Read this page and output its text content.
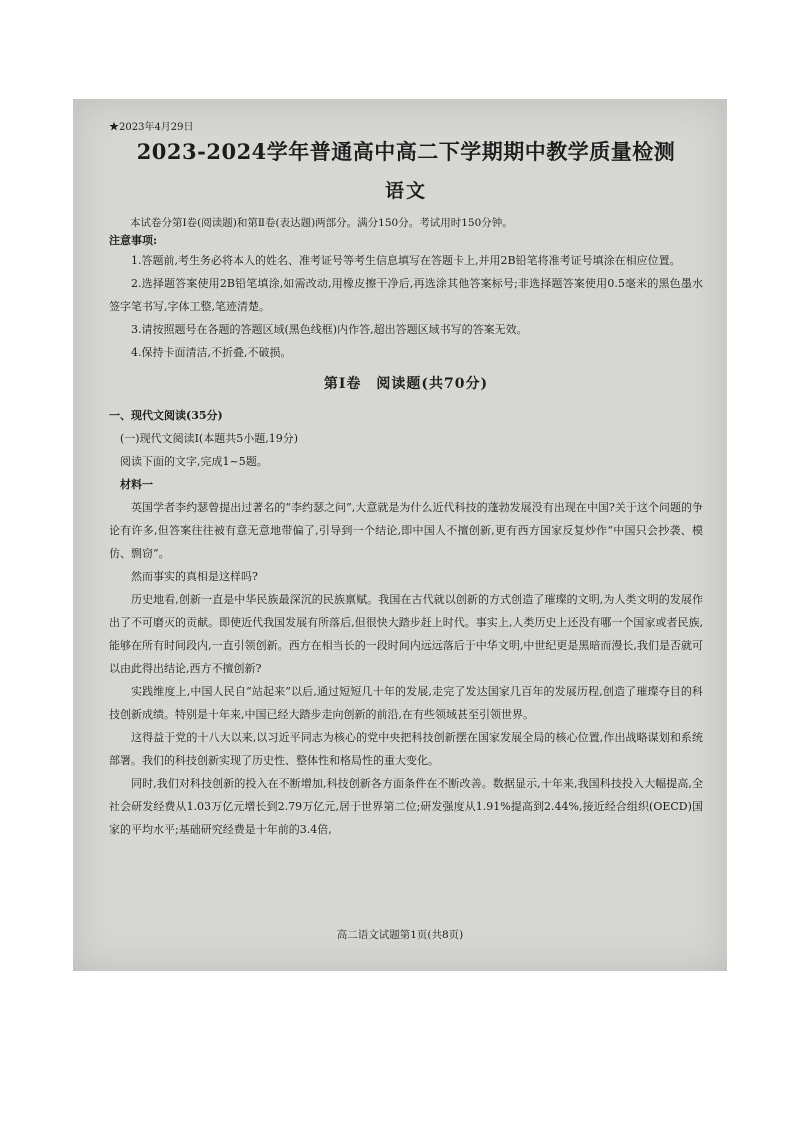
★2023年4月29日
2023-2024学年普通高中高二下学期期中教学质量检测
语文
本试卷分第Ⅰ卷(阅读题)和第Ⅱ卷(表达题)两部分。满分150分。考试用时150分钟。
注意事项:
1.答题前,考生务必将本人的姓名、准考证号等考生信息填写在答题卡上,并用2B铅笔将准考证号填涂在相应位置。
2.选择题答案使用2B铅笔填涂,如需改动,用橡皮擦干净后,再选涂其他答案标号;非选择题答案使用0.5毫米的黑色墨水签字笔书写,字体工整,笔迹清楚。
3.请按照题号在各题的答题区域(黑色线框)内作答,超出答题区域书写的答案无效。
4.保持卡面清洁,不折叠,不破损。
第Ⅰ卷　阅读题(共70分)
一、现代文阅读(35分)
(一)现代文阅读Ⅰ(本题共5小题,19分)
阅读下面的文字,完成1~5题。
材料一
英国学者李约瑟曾提出过著名的“李约瑟之问”,大意就是为什么近代科技的蓬勃发展没有出现在中国?关于这个问题的争论有许多,但答案往往被有意无意地带偏了,引导到一个结论,即中国人不擅创新,更有西方国家反复炒作“中国只会抄袭、模仿、剽窃”。
然而事实的真相是这样吗?
历史地看,创新一直是中华民族最深沉的民族禀赋。我国在古代就以创新的方式创造了璀璨的文明,为人类文明的发展作出了不可磨灭的贡献。即使近代我国发展有所落后,但很快大踏步赶上时代。事实上,人类历史上还没有哪一个国家或者民族,能够在所有时间段内,一直引领创新。西方在相当长的一段时间内远远落后于中华文明,中世纪更是黑暗而漫长,我们是否就可以由此得出结论,西方不擅创新?
实践维度上,中国人民自“站起来”以后,通过短短几十年的发展,走完了发达国家几百年的发展历程,创造了璀璨夺目的科技创新成绩。特别是十年来,中国已经大踏步走向创新的前沿,在有些领域甚至引领世界。
这得益于党的十八大以来,以习近平同志为核心的党中央把科技创新摆在国家发展全局的核心位置,作出战略谋划和系统部署。我们的科技创新实现了历史性、整体性和格局性的重大变化。
同时,我们对科技创新的投入在不断增加,科技创新各方面条件在不断改善。数据显示,十年来,我国科技投入大幅提高,全社会研发经费从1.03万亿元增长到2.79万亿元,居于世界第二位;研发强度从1.91%提高到2.44%,接近经合组织(OECD)国家的平均水平;基础研究经费是十年前的3.4倍,
高二语文试题第1页(共8页)
